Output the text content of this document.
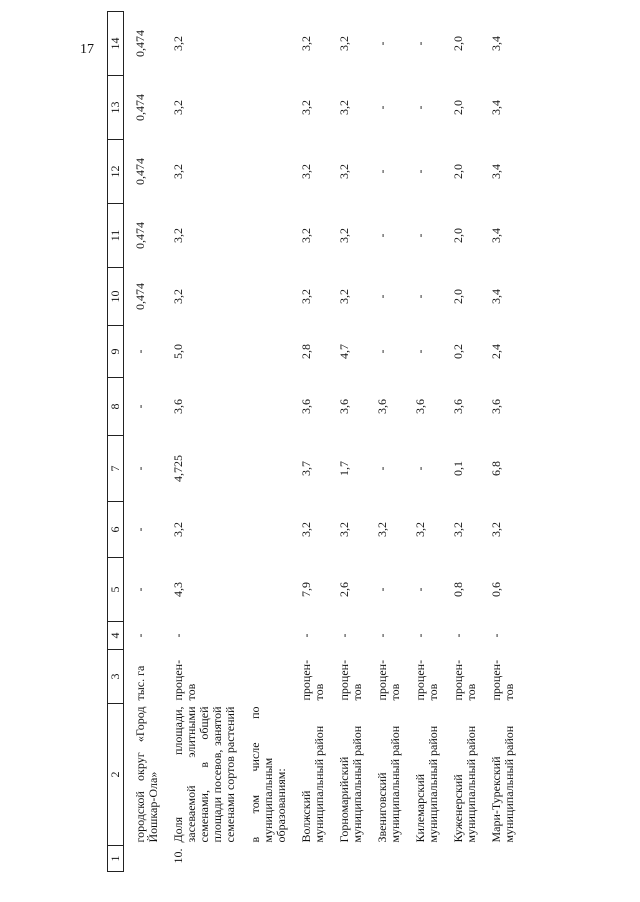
17
1	2	3	4	5	6	7	8	9	10	11	12	13	14
	городской округ «Город Йошкар-Ола»	тыс. га	-	-	-	-	-	-	0,474	0,474	0,474	0,474	0,474
10.	Доля площади, засеваемой элитными семенами, в общей площади посевов, занятой семенами сортов растений	процен-тов	-	4,3	3,2	4,725	3,6	5,0	3,2	3,2	3,2	3,2	3,2
	в том числе по муниципальным образованиям:												
	Волжский муниципальный район	процен-тов	-	7,9	3,2	3,7	3,6	2,8	3,2	3,2	3,2	3,2	3,2
	Горномарийский муниципальный район	процен-тов	-	2,6	3,2	1,7	3,6	4,7	3,2	3,2	3,2	3,2	3,2
	Звениговский муниципальный район	процен-тов	-	-	3,2	-	3,6	-	-	-	-	-	-
	Килемарский муниципальный район	процен-тов	-	-	3,2	-	3,6	-	-	-	-	-	-
	Куженерский муниципальный район	процен-тов	-	0,8	3,2	0,1	3,6	0,2	2,0	2,0	2,0	2,0	2,0
	Мари-Турекский муниципальный район	процен-тов	-	0,6	3,2	6,8	3,6	2,4	3,4	3,4	3,4	3,4	3,4
